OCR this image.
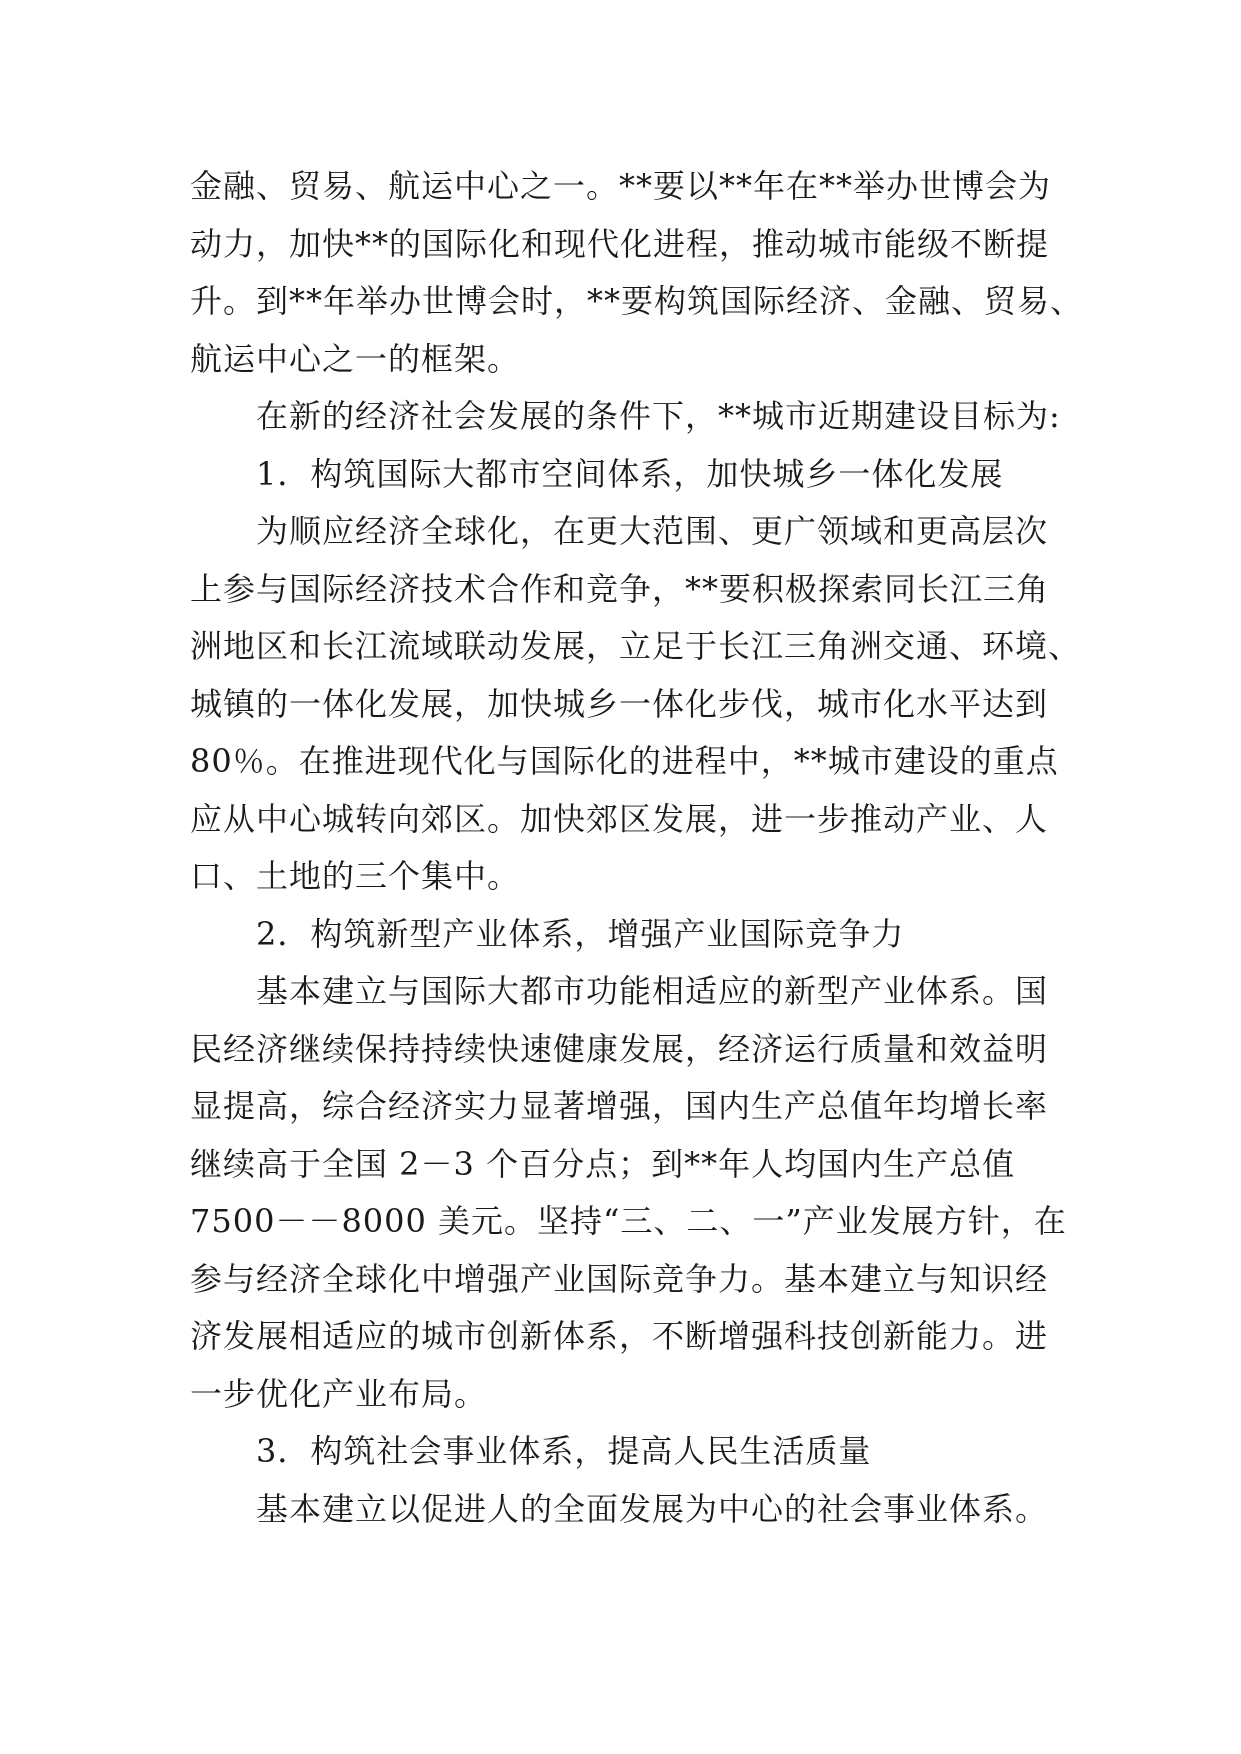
金融、贸易、航运中心之一。**要以**年在**举办世博会为
动力，加快**的国际化和现代化进程，推动城市能级不断提
升。到**年举办世博会时，**要构筑国际经济、金融、贸易、
航运中心之一的框架。
在新的经济社会发展的条件下，**城市近期建设目标为:
1．构筑国际大都市空间体系，加快城乡一体化发展
为顺应经济全球化，在更大范围、更广领域和更高层次
上参与国际经济技术合作和竞争，**要积极探索同长江三角
洲地区和长江流域联动发展，立足于长江三角洲交通、环境、
城镇的一体化发展，加快城乡一体化步伐，城市化水平达到
80％。在推进现代化与国际化的进程中，**城市建设的重点
应从中心城转向郊区。加快郊区发展，进一步推动产业、人
口、土地的三个集中。
2．构筑新型产业体系，增强产业国际竞争力
基本建立与国际大都市功能相适应的新型产业体系。国
民经济继续保持持续快速健康发展，经济运行质量和效益明
显提高，综合经济实力显著增强，国内生产总值年均增长率
继续高于全国 2－3 个百分点；到**年人均国内生产总值
7500－－8000 美元。坚持“三、二、一”产业发展方针，在
参与经济全球化中增强产业国际竞争力。基本建立与知识经
济发展相适应的城市创新体系，不断增强科技创新能力。进
一步优化产业布局。
3．构筑社会事业体系，提高人民生活质量
基本建立以促进人的全面发展为中心的社会事业体系。
